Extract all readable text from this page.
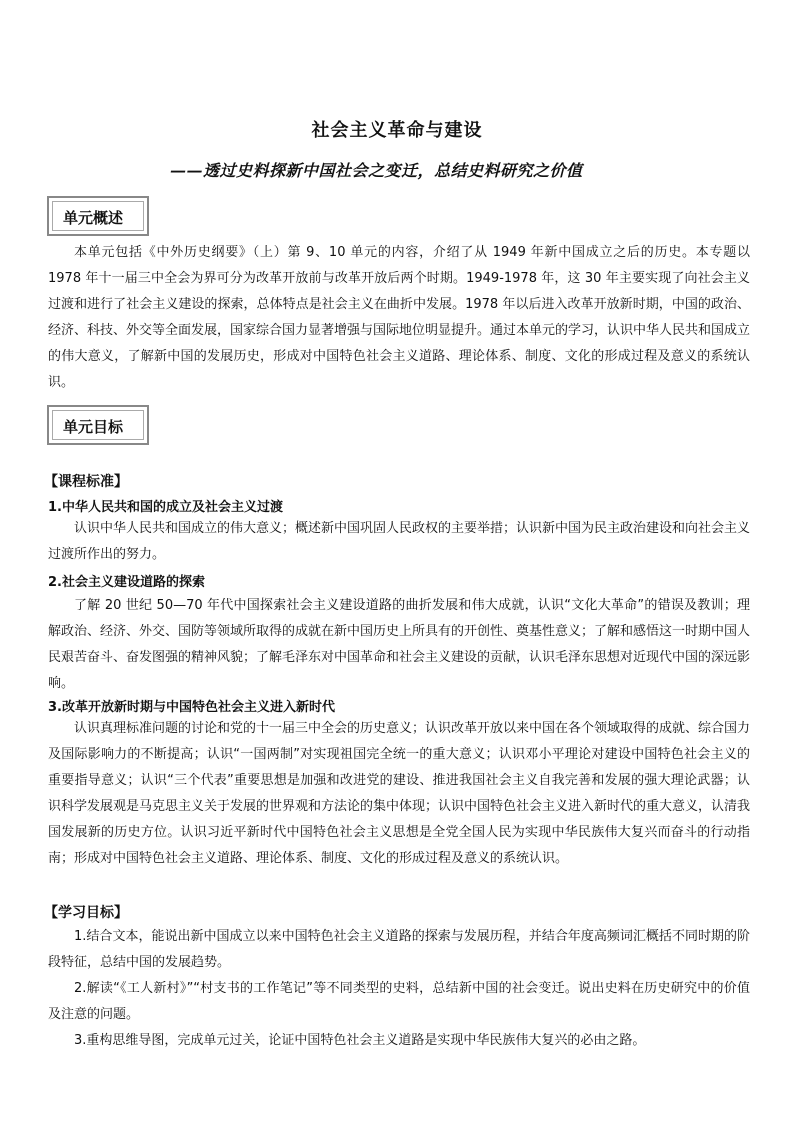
社会主义革命与建设
——透过史料探新中国社会之变迁，总结史料研究之价值
单元概述
本单元包括《中外历史纲要》（上）第 9、10 单元的内容，介绍了从 1949 年新中国成立之后的历史。本专题以 1978 年十一届三中全会为界可分为改革开放前与改革开放后两个时期。1949-1978 年，这 30 年主要实现了向社会主义过渡和进行了社会主义建设的探索，总体特点是社会主义在曲折中发展。1978 年以后进入改革开放新时期，中国的政治、经济、科技、外交等全面发展，国家综合国力显著增强与国际地位明显提升。通过本单元的学习，认识中华人民共和国成立的伟大意义，了解新中国的发展历史，形成对中国特色社会主义道路、理论体系、制度、文化的形成过程及意义的系统认识。
单元目标
【课程标准】
1.中华人民共和国的成立及社会主义过渡
认识中华人民共和国成立的伟大意义；概述新中国巩固人民政权的主要举措；认识新中国为民主政治建设和向社会主义过渡所作出的努力。
2.社会主义建设道路的探索
了解 20 世纪 50—70 年代中国探索社会主义建设道路的曲折发展和伟大成就，认识“文化大革命”的错误及教训；理解政治、经济、外交、国防等领域所取得的成就在新中国历史上所具有的开创性、奠基性意义；了解和感悟这一时期中国人民艰苦奋斗、奋发图强的精神风貌；了解毛泽东对中国革命和社会主义建设的贡献，认识毛泽东思想对近现代中国的深远影响。
3.改革开放新时期与中国特色社会主义进入新时代
认识真理标准问题的讨论和党的十一届三中全会的历史意义；认识改革开放以来中国在各个领域取得的成就、综合国力及国际影响力的不断提高；认识“一国两制”对实现祖国完全统一的重大意义；认识邓小平理论对建设中国特色社会主义的重要指导意义；认识“三个代表”重要思想是加强和改进党的建设、推进我国社会主义自我完善和发展的强大理论武器；认识科学发展观是马克思主义关于发展的世界观和方法论的集中体现；认识中国特色社会主义进入新时代的重大意义，认清我国发展新的历史方位。认识习近平新时代中国特色社会主义思想是全党全国人民为实现中华民族伟大复兴而奋斗的行动指南；形成对中国特色社会主义道路、理论体系、制度、文化的形成过程及意义的系统认识。
【学习目标】
1.结合文本，能说出新中国成立以来中国特色社会主义道路的探索与发展历程，并结合年度高频词汇概括不同时期的阶段特征，总结中国的发展趋势。
2.解读“《工人新村》”“村支书的工作笔记”等不同类型的史料，总结新中国的社会变迁。说出史料在历史研究中的价值及注意的问题。
3.重构思维导图，完成单元过关，论证中国特色社会主义道路是实现中华民族伟大复兴的必由之路。
